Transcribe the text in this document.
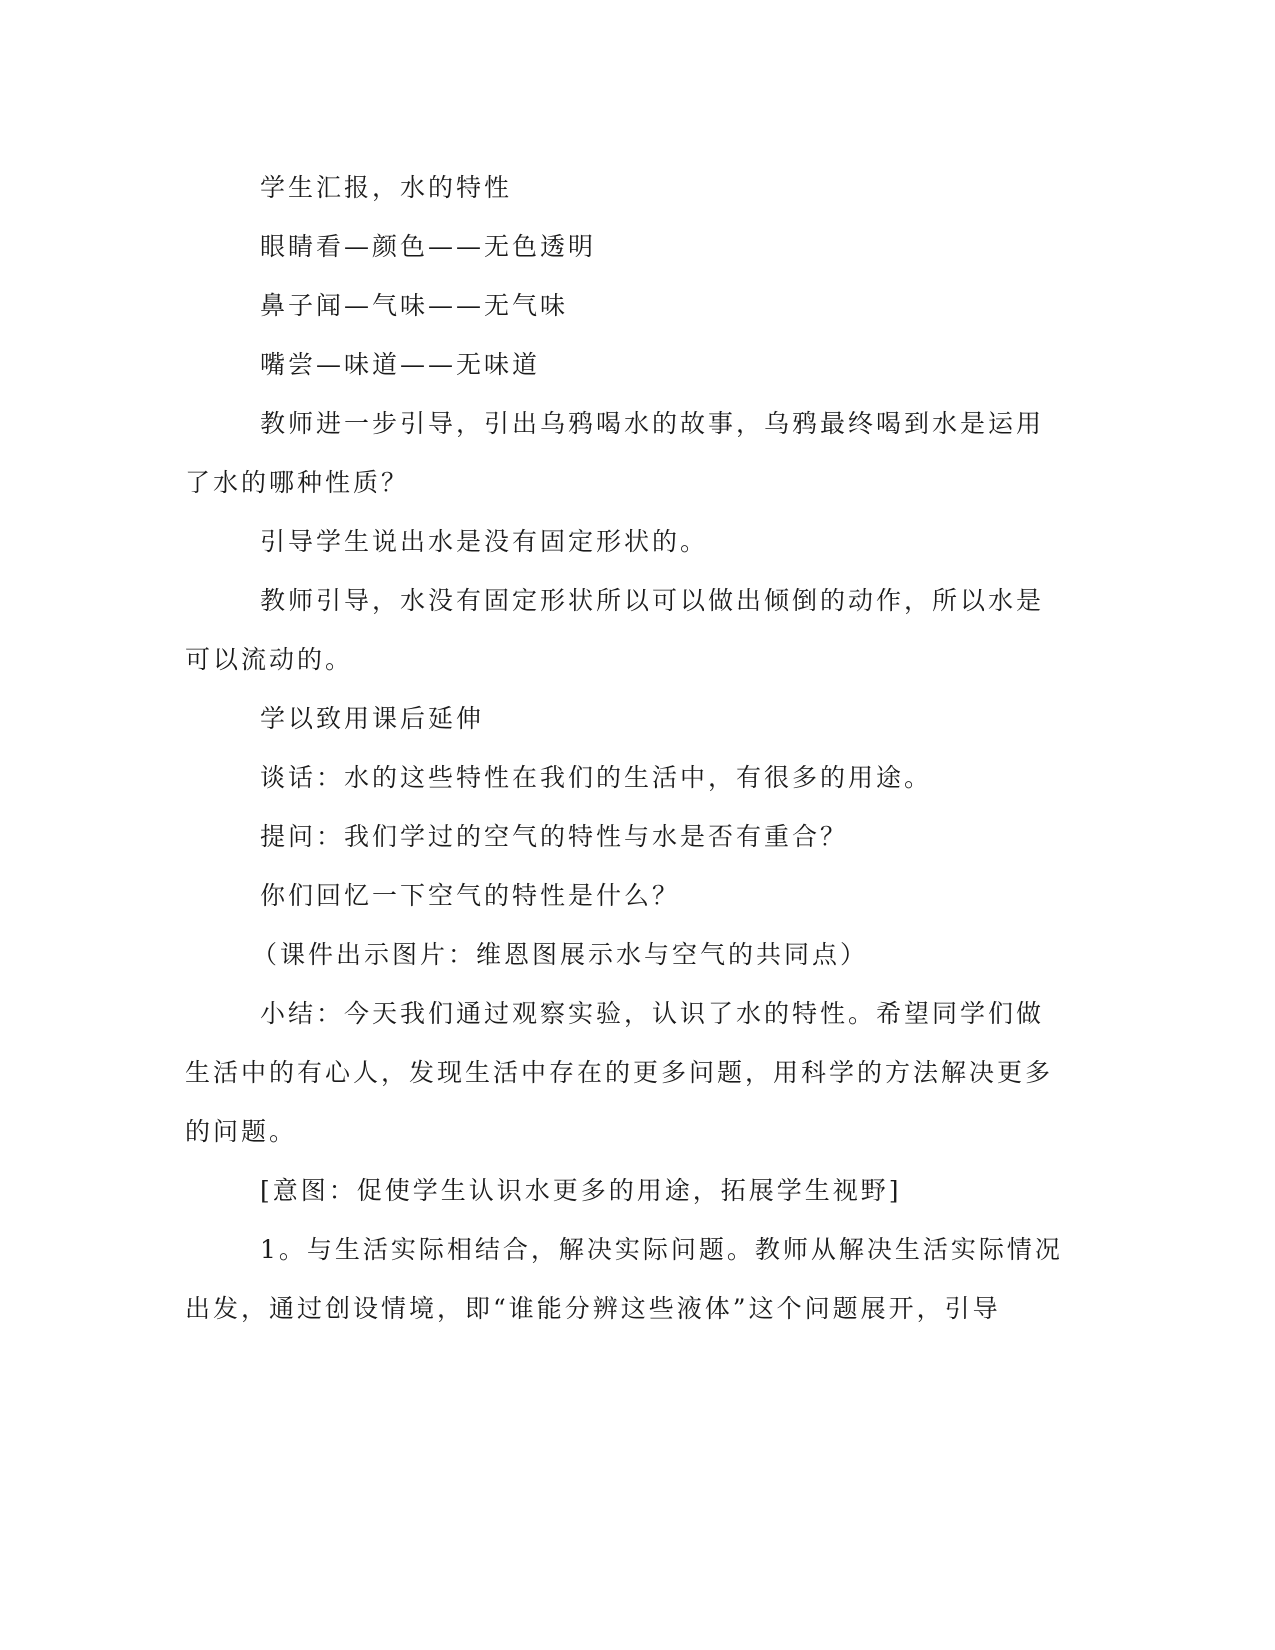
学生汇报，水的特性

眼睛看—颜色——无色透明

鼻子闻—气味——无气味

嘴尝—味道——无味道

教师进一步引导，引出乌鸦喝水的故事，乌鸦最终喝到水是运用了水的哪种性质？

引导学生说出水是没有固定形状的。

教师引导，水没有固定形状所以可以做出倾倒的动作，所以水是可以流动的。

学以致用课后延伸

谈话：水的这些特性在我们的生活中，有很多的用途。

提问：我们学过的空气的特性与水是否有重合？

你们回忆一下空气的特性是什么？

（课件出示图片：维恩图展示水与空气的共同点）

小结：今天我们通过观察实验，认识了水的特性。希望同学们做生活中的有心人，发现生活中存在的更多问题，用科学的方法解决更多的问题。

[意图：促使学生认识水更多的用途，拓展学生视野]

1。与生活实际相结合，解决实际问题。教师从解决生活实际情况出发，通过创设情境，即“谁能分辨这些液体”这个问题展开，引导
